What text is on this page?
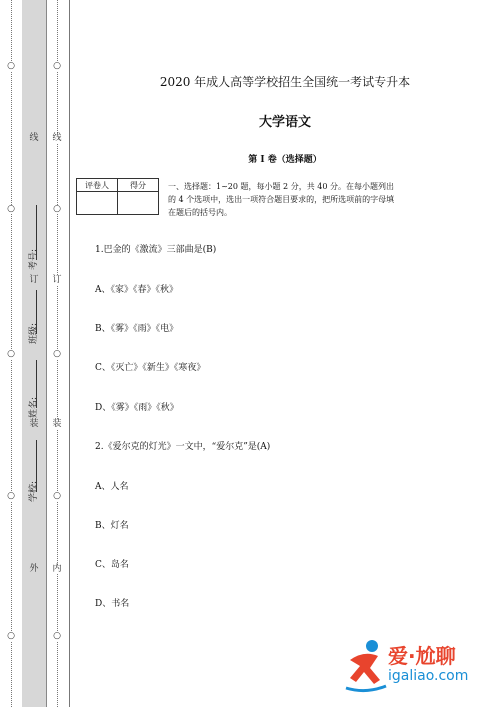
○
○
○
○
○
线
订
装
外
学校:
姓名:
班级:
考号:
○
线
○
订
○
装
○
内
○
2020 年成人高等学校招生全国统一考试专升本
大学语文
第 I 卷（选择题）
评卷人	得分
		一、选择题：1~20 题，每小题 2 分，共 40 分。在每小题列出的 4 个选项中，选出一项符合题目要求的，把所选项前的字母填在题后的括号内。
1.巴金的《激流》三部曲是(B)
A、《家》《春》《秋》
B、《雾》《雨》《电》
C、《灭亡》《新生》《寒夜》
D、《雾》《雨》《秋》
2.《爱尔克的灯光》一文中，“爱尔克”是(A)
A、人名
B、灯名
C、岛名
D、书名
爱·尬聊
igaliao.com
